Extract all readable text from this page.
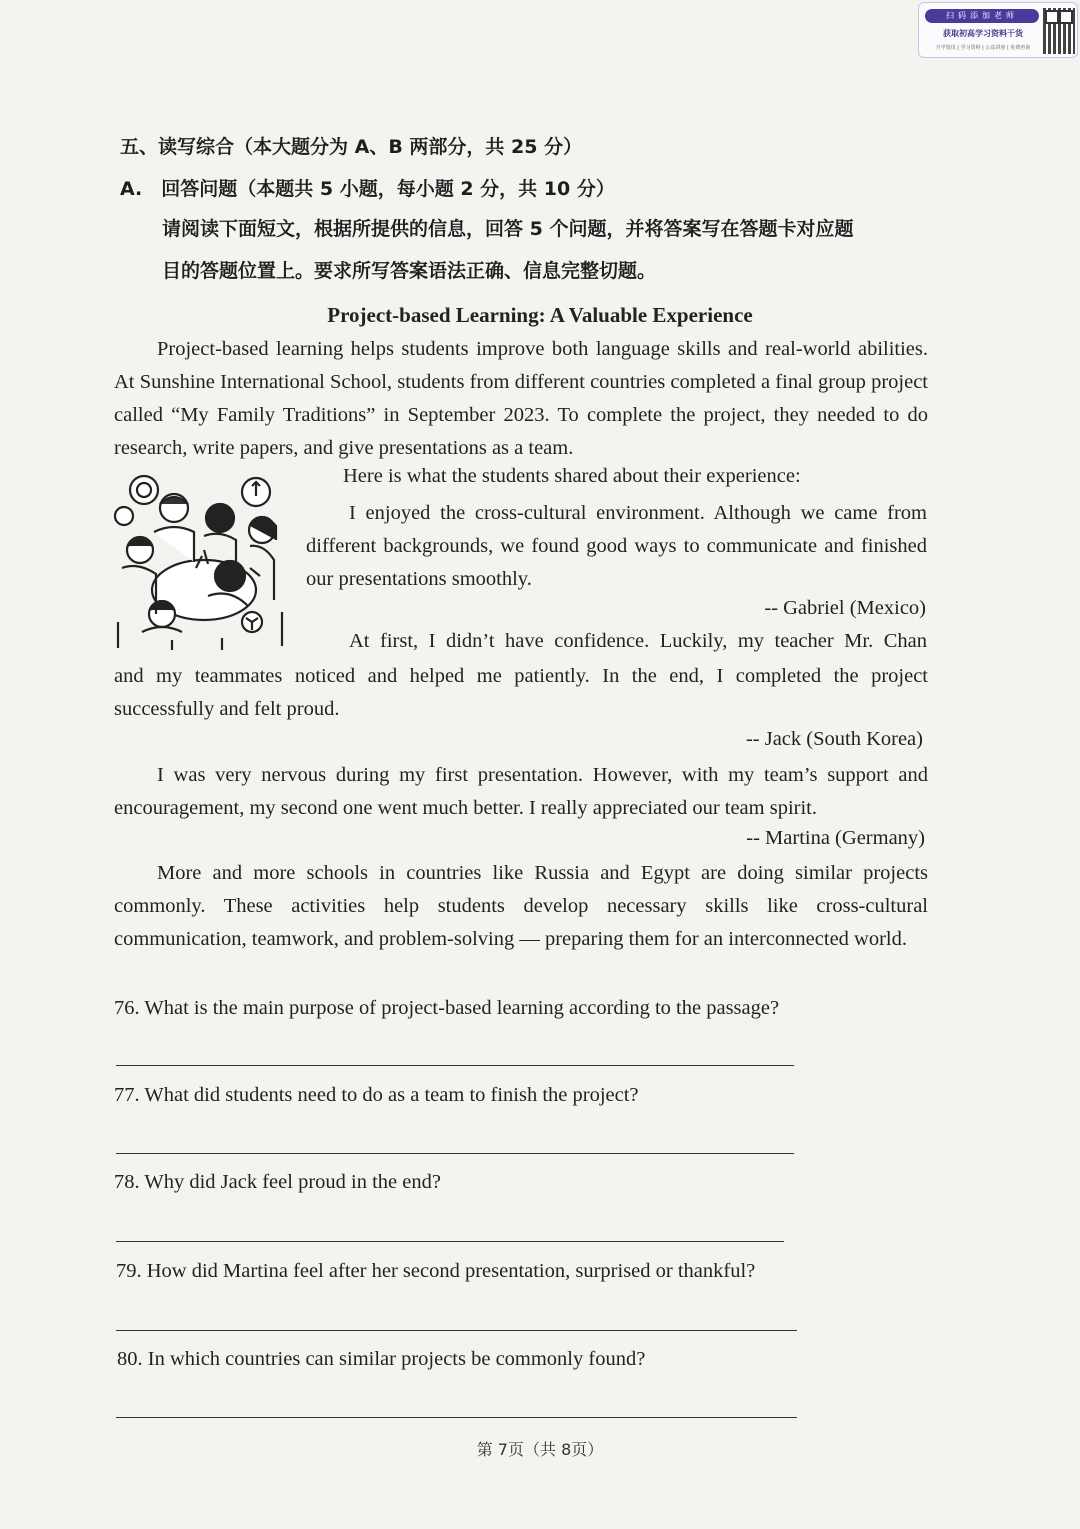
扫码添加老师
获取初高学习资料干货
升学资讯 | 学习资料 | 公益讲座 | 免费咨询
五、读写综合（本大题分为 A、B 两部分，共 25 分）
A.　回答问题（本题共 5 小题，每小题 2 分，共 10 分）
请阅读下面短文，根据所提供的信息，回答 5 个问题，并将答案写在答题卡对应题
目的答题位置上。要求所写答案语法正确、信息完整切题。
Project-based Learning: A Valuable Experience
Project-based learning helps students improve both language skills and real-world abilities. At Sunshine International School, students from different countries completed a final group project called “My Family Traditions” in September 2023. To complete the project, they needed to do research, write papers, and give presentations as a team.
Here is what the students shared about their experience:
I enjoyed the cross-cultural environment. Although we came from different backgrounds, we found good ways to communicate and finished our presentations smoothly.
-- Gabriel (Mexico)
At first, I didn’t have confidence. Luckily, my teacher Mr. Chan
and my teammates noticed and helped me patiently. In the end, I completed the project successfully and felt proud.
-- Jack (South Korea)
I was very nervous during my first presentation. However, with my team’s support and encouragement, my second one went much better. I really appreciated our team spirit.
-- Martina (Germany)
More and more schools in countries like Russia and Egypt are doing similar projects commonly. These activities help students develop necessary skills like cross-cultural communication, teamwork, and problem-solving — preparing them for an interconnected world.
76. What is the main purpose of project-based learning according to the passage?
77. What did students need to do as a team to finish the project?
78. Why did Jack feel proud in the end?
79. How did Martina feel after her second presentation, surprised or thankful?
80. In which countries can similar projects be commonly found?
第 7页（共 8页）
